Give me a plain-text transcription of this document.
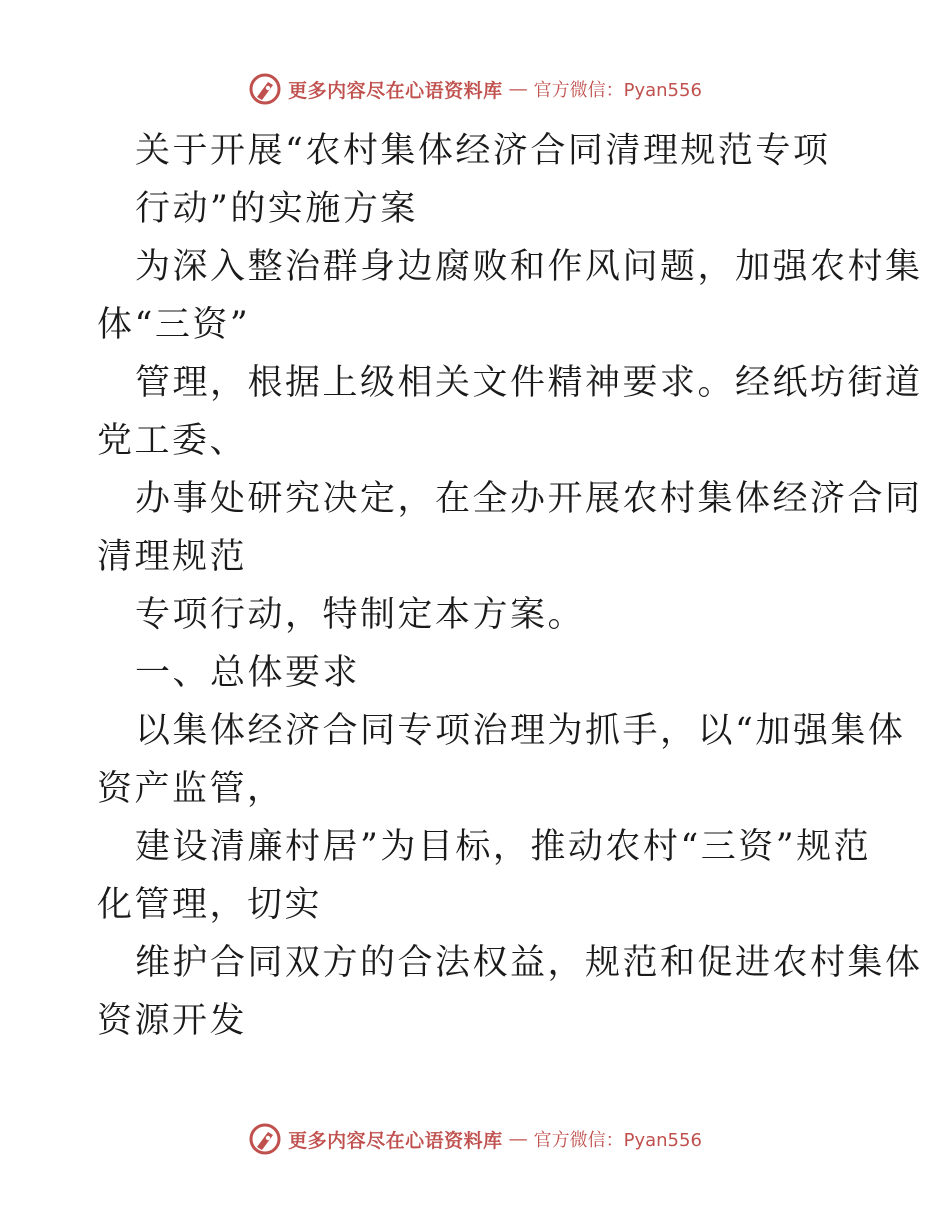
更多内容尽在心语资料库 — 官方微信：Pyan556
关于开展“农村集体经济合同清理规范专项
行动”的实施方案
为深入整治群身边腐败和作风问题，加强农村集
体“三资”
管理，根据上级相关文件精神要求。经纸坊街道
党工委、
办事处研究决定，在全办开展农村集体经济合同
清理规范
专项行动，特制定本方案。
一、总体要求
以集体经济合同专项治理为抓手，以“加强集体
资产监管，
建设清廉村居”为目标，推动农村“三资”规范
化管理，切实
维护合同双方的合法权益，规范和促进农村集体
资源开发
更多内容尽在心语资料库 — 官方微信：Pyan556
